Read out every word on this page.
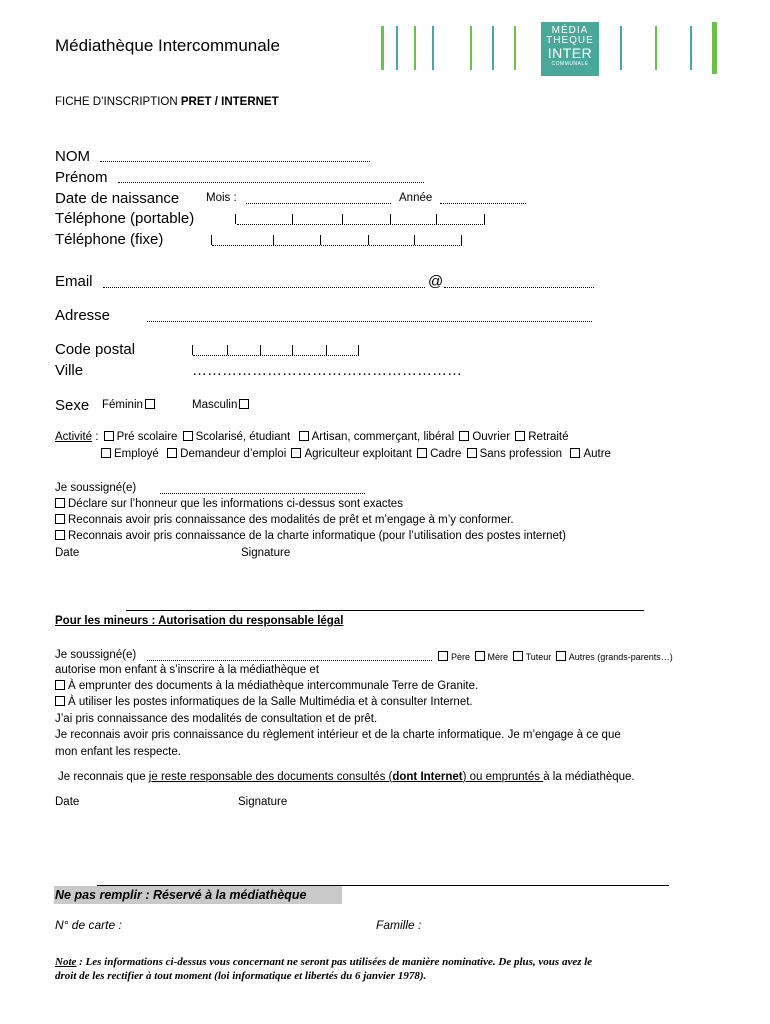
Médiathèque Intercommunale
MÉDIA
THEQUE
INTER
COMMUNALE
FICHE D’INSCRIPTION PRET / INTERNET
NOM
Prénom
Date de naissance Mois :	Année
Téléphone (portable)
Téléphone (fixe)
Email	@
Adresse
Code postal
Ville	………………………………………………
Sexe Féminin	Masculin
Activité : Pré scolaire Scolarisé, étudiant Artisan, commerçant, libéral Ouvrier Retraité
Employé Demandeur d’emploi Agriculteur exploitant Cadre Sans profession Autre
Je soussigné(e)
Déclare sur l’honneur que les informations ci-dessus sont exactes
Reconnais avoir pris connaissance des modalités de prêt et m’engage à m’y conformer.
Reconnais avoir pris connaissance de la charte informatique (pour l’utilisation des postes internet)
Date	Signature
Pour les mineurs : Autorisation du responsable légal
Je soussigné(e)	Père Mère Tuteur Autres (grands-parents…)
autorise mon enfant à s’inscrire à la médiathèque et
À emprunter des documents à la médiathèque intercommunale Terre de Granite.
À utiliser les postes informatiques de la Salle Multimédia et à consulter Internet.
J’ai pris connaissance des modalités de consultation et de prêt.
Je reconnais avoir pris connaissance du règlement intérieur et de la charte informatique. Je m’engage à ce que
mon enfant les respecte.
Je reconnais que je reste responsable des documents consultés (dont Internet) ou empruntés à la médiathèque.
Date	Signature
Ne pas remplir : Réservé à la médiathèque
N° de carte :	Famille :
Note : Les informations ci-dessus vous concernant ne seront pas utilisées de manière nominative. De plus, vous avez le
droit de les rectifier à tout moment (loi informatique et libertés du 6 janvier 1978).
